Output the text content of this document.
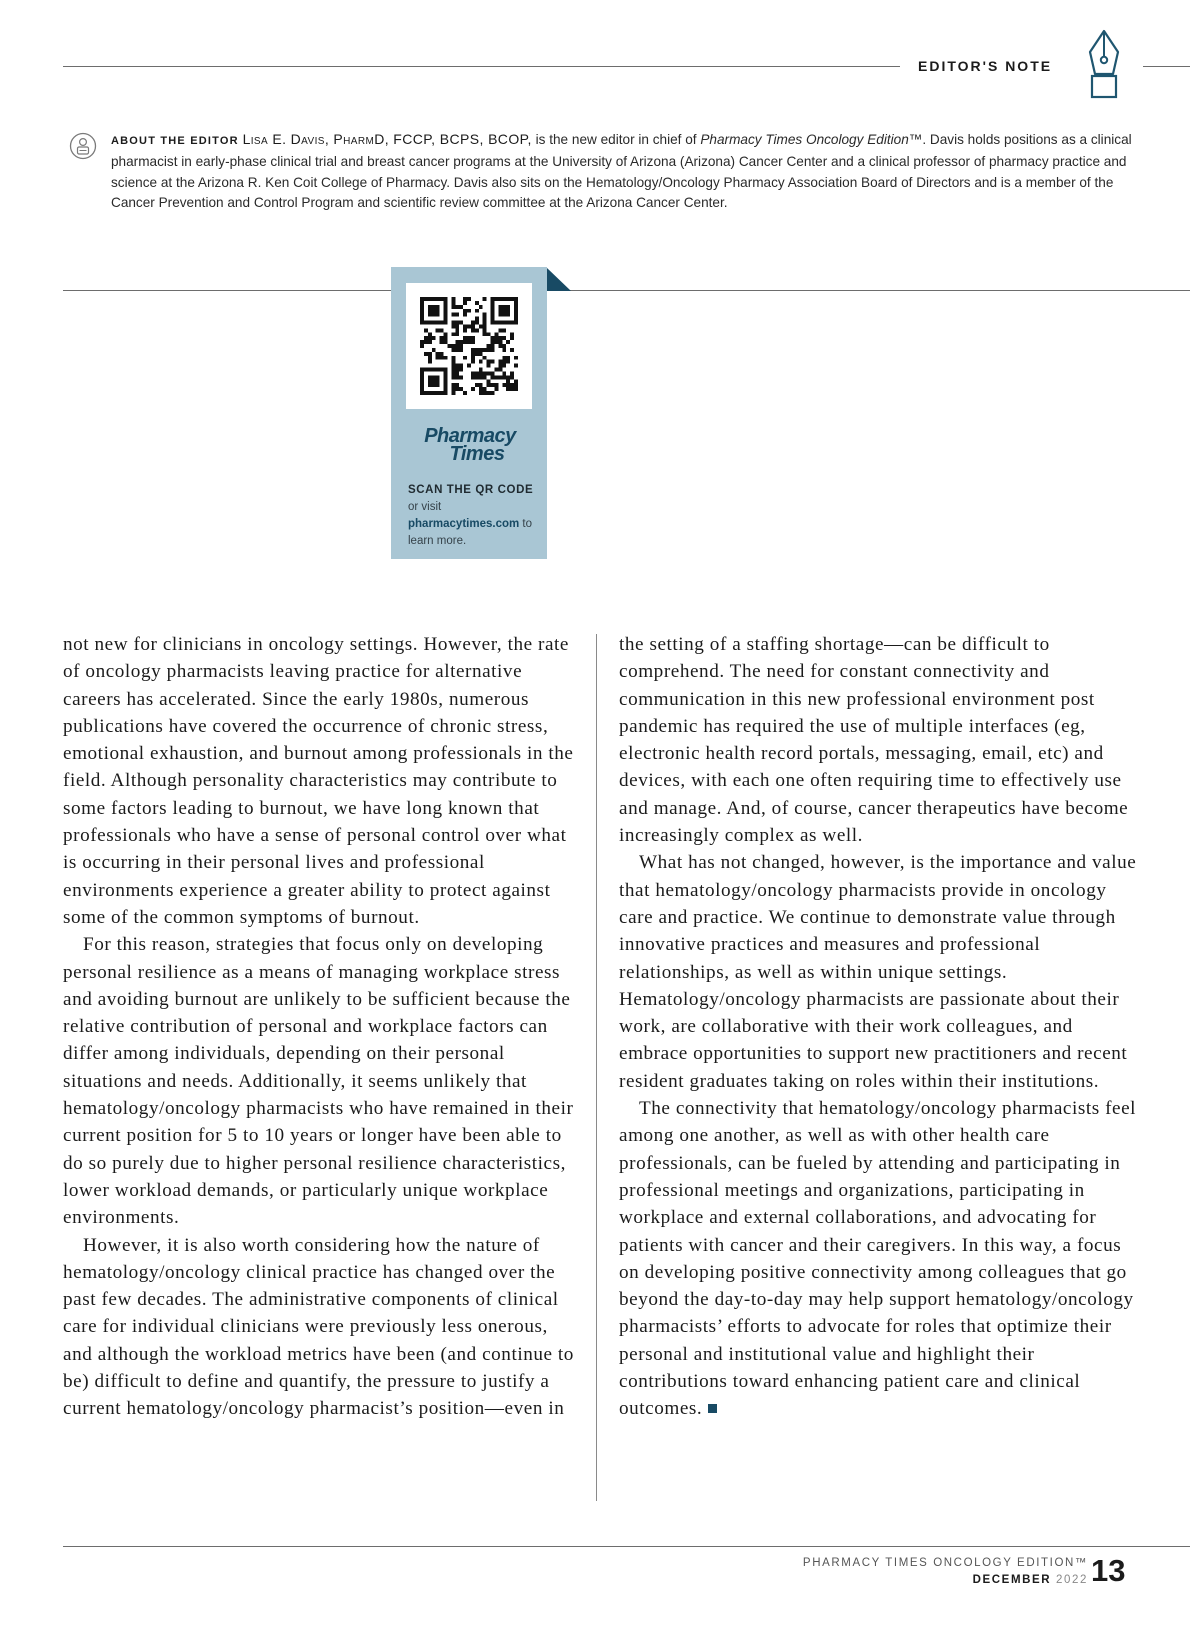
EDITOR'S NOTE
ABOUT THE EDITOR Lisa E. Davis, PharmD, FCCP, BCPS, BCOP, is the new editor in chief of Pharmacy Times Oncology Edition™. Davis holds positions as a clinical pharmacist in early-phase clinical trial and breast cancer programs at the University of Arizona (Arizona) Cancer Center and a clinical professor of pharmacy practice and science at the Arizona R. Ken Coit College of Pharmacy. Davis also sits on the Hematology/Oncology Pharmacy Association Board of Directors and is a member of the Cancer Prevention and Control Program and scientific review committee at the Arizona Cancer Center.
Pharmacy
Times
SCAN THE QR CODE or visit pharmacytimes.com to learn more.

not new for clinicians in oncology settings. However, the rate of oncology pharmacists leaving practice for alternative careers has accelerated. Since the early 1980s, numerous publications have covered the occurrence of chronic stress, emotional exhaustion, and burnout among professionals in the field. Although personality characteristics may contribute to some factors leading to burnout, we have long known that professionals who have a sense of personal control over what is occurring in their personal lives and professional environments experience a greater ability to protect against some of the common symptoms of burnout.

For this reason, strategies that focus only on developing personal resilience as a means of managing workplace stress and avoiding burnout are unlikely to be sufficient because the relative contribution of personal and workplace factors can differ among individuals, depending on their personal situations and needs. Additionally, it seems unlikely that hematology/oncology pharmacists who have remained in their current position for 5 to 10 years or longer have been able to do so purely due to higher personal resilience characteristics, lower workload demands, or particularly unique workplace environments.

However, it is also worth considering how the nature of hematology/oncology clinical practice has changed over the past few decades. The administrative components of clinical care for individual clinicians were previously less onerous, and although the workload metrics have been (and continue to be) difficult to define and quantify, the pressure to justify a current hematology/oncology pharmacist’s position—even in

the setting of a staffing shortage—can be difficult to comprehend. The need for constant connectivity and communication in this new professional environment post pandemic has required the use of multiple interfaces (eg, electronic health record portals, messaging, email, etc) and devices, with each one often requiring time to effectively use and manage. And, of course, cancer therapeutics have become increasingly complex as well.

What has not changed, however, is the importance and value that hematology/oncology pharmacists provide in oncology care and practice. We continue to demonstrate value through innovative practices and measures and professional relationships, as well as within unique settings. Hematology/oncology pharmacists are passionate about their work, are collaborative with their work colleagues, and embrace opportunities to support new practitioners and recent resident graduates taking on roles within their institutions.

The connectivity that hematology/oncology pharmacists feel among one another, as well as with other health care professionals, can be fueled by attending and participating in professional meetings and organizations, participating in workplace and external collaborations, and advocating for patients with cancer and their caregivers. In this way, a focus on developing positive connectivity among colleagues that go beyond the day-to-day may help support hematology/oncology pharmacists’ efforts to advocate for roles that optimize their personal and institutional value and highlight their contributions toward enhancing patient care and clinical outcomes.

PHARMACY TIMES ONCOLOGY EDITION™
DECEMBER 2022 13
